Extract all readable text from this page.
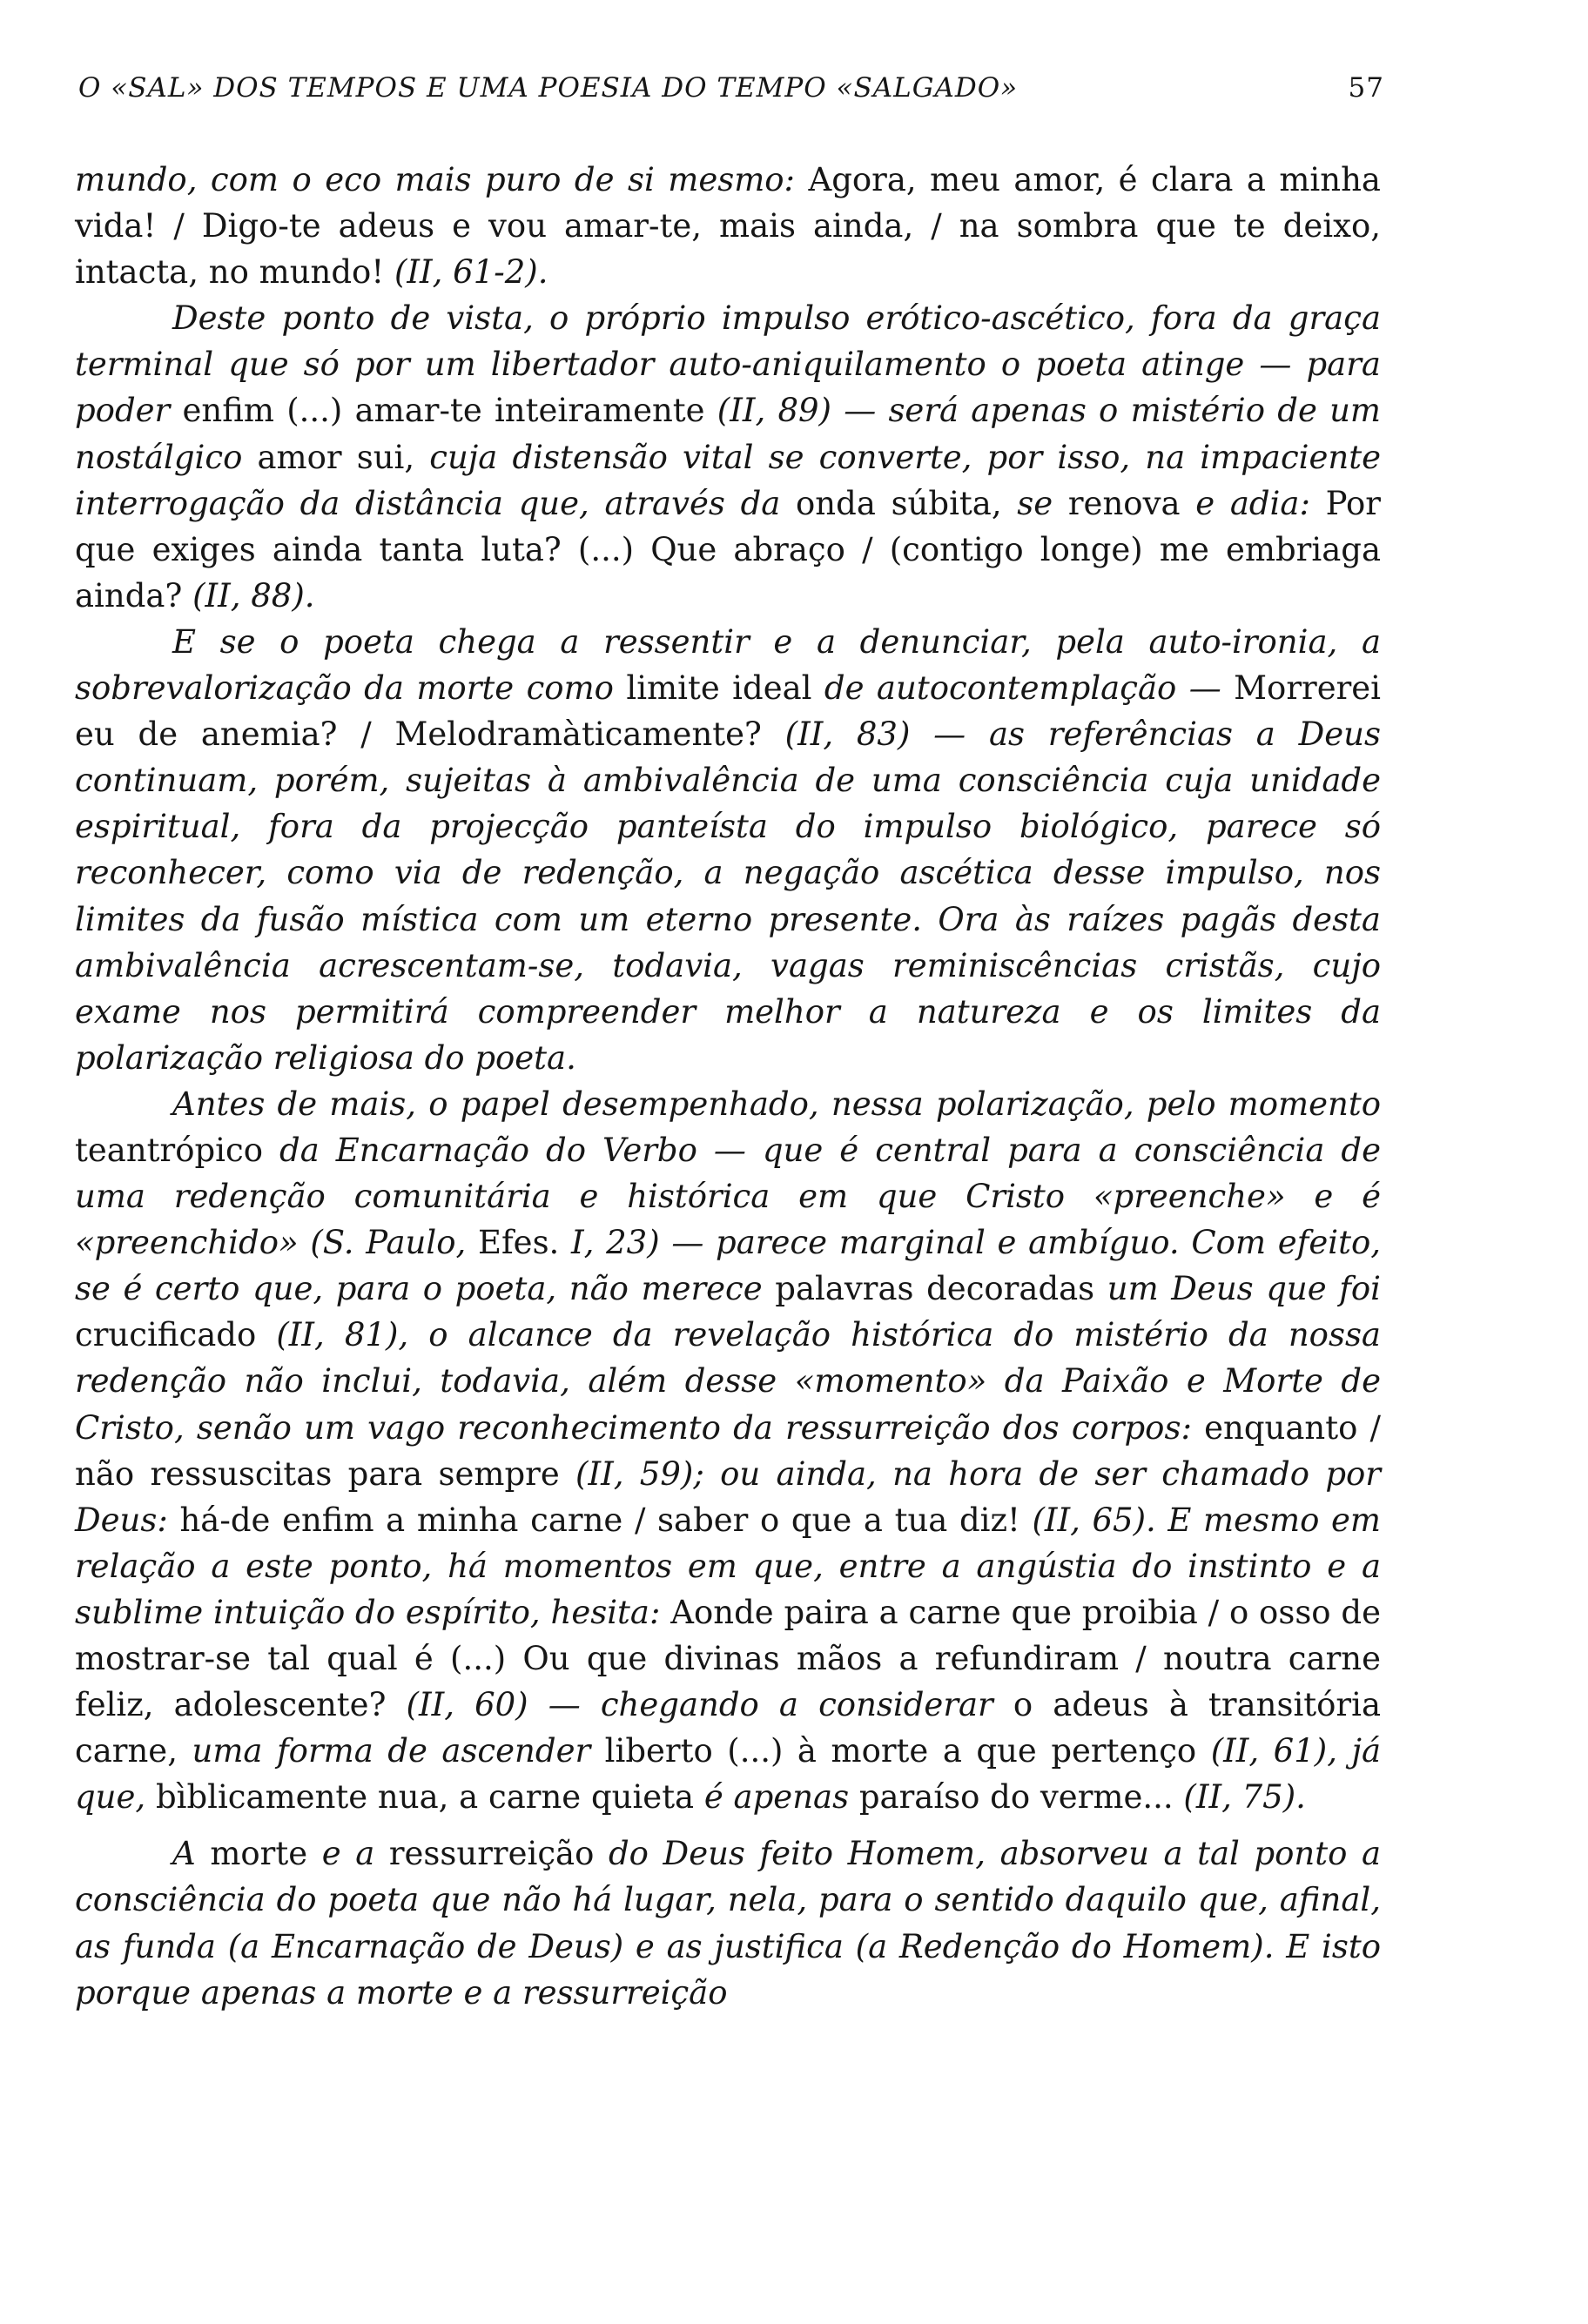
O «SAL» DOS TEMPOS E UMA POESIA DO TEMPO «SALGADO»	57

mundo, com o eco mais puro de si mesmo: Agora, meu amor, é clara a minha vida! / Digo-te adeus e vou amar-te, mais ainda, / na sombra que te deixo, intacta, no mundo! (II, 61-2).

Deste ponto de vista, o próprio impulso erótico-ascético, fora da graça terminal que só por um libertador auto-aniquilamento o poeta atinge — para poder enfim (...) amar-te inteiramente (II, 89) — será apenas o mistério de um nostálgico amor sui, cuja distensão vital se converte, por isso, na impaciente interrogação da distância que, através da onda súbita, se renova e adia: Por que exiges ainda tanta luta? (...) Que abraço / (contigo longe) me embriaga ainda? (II, 88).

E se o poeta chega a ressentir e a denunciar, pela auto-ironia, a sobrevalorização da morte como limite ideal de autocontemplação — Morrerei eu de anemia? / Melodramàticamente? (II, 83) — as referências a Deus continuam, porém, sujeitas à ambivalência de uma consciência cuja unidade espiritual, fora da projecção panteísta do impulso biológico, parece só reconhecer, como via de redenção, a negação ascética desse impulso, nos limites da fusão mística com um eterno presente. Ora às raízes pagãs desta ambivalência acrescentam-se, todavia, vagas reminiscências cristãs, cujo exame nos permitirá compreender melhor a natureza e os limites da polarização religiosa do poeta.

Antes de mais, o papel desempenhado, nessa polarização, pelo momento teantrópico da Encarnação do Verbo — que é central para a consciência de uma redenção comunitária e histórica em que Cristo «preenche» e é «preenchido» (S. Paulo, Efes. I, 23) — parece marginal e ambíguo. Com efeito, se é certo que, para o poeta, não merece palavras decoradas um Deus que foi crucificado (II, 81), o alcance da revelação histórica do mistério da nossa redenção não inclui, todavia, além desse «momento» da Paixão e Morte de Cristo, senão um vago reconhecimento da ressurreição dos corpos: enquanto / não ressuscitas para sempre (II, 59); ou ainda, na hora de ser chamado por Deus: há-de enfim a minha carne / saber o que a tua diz! (II, 65). E mesmo em relação a este ponto, há momentos em que, entre a angústia do instinto e a sublime intuição do espírito, hesita: Aonde paira a carne que proibia / o osso de mostrar-se tal qual é (...) Ou que divinas mãos a refundiram / noutra carne feliz, adolescente? (II, 60) — chegando a considerar o adeus à transitória carne, uma forma de ascender liberto (...) à morte a que pertenço (II, 61), já que, bìblicamente nua, a carne quieta é apenas paraíso do verme... (II, 75).

A morte e a ressurreição do Deus feito Homem, absorveu a tal ponto a consciência do poeta que não há lugar, nela, para o sentido daquilo que, afinal, as funda (a Encarnação de Deus) e as justifica (a Redenção do Homem). E isto porque apenas a morte e a ressurreição
